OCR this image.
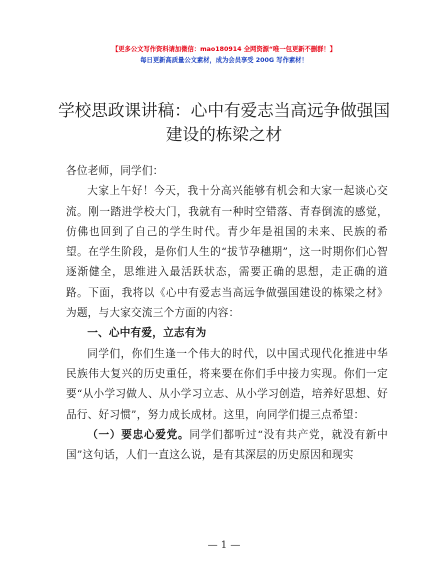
【更多公文写作资料请加微信：mao180914 全网资源“唯一包更新不删群！】
每日更新高质量公文素材，成为会员享受 200G 写作素材！
学校思政课讲稿：心中有爱志当高远争做强国
建设的栋梁之材

各位老师，同学们：

大家上午好！今天，我十分高兴能够有机会和大家一起谈心交流。刚一踏进学校大门，我就有一种时空错落、青春倒流的感觉，仿佛也回到了自己的学生时代。青少年是祖国的未来、民族的希望。在学生阶段，是你们人生的“拔节孕穗期”，这一时期你们心智逐渐健全，思维进入最活跃状态，需要正确的思想，走正确的道路。下面，我将以《心中有爱志当高远争做强国建设的栋梁之材》为题，与大家交流三个方面的内容：

一、心中有爱，立志有为

同学们，你们生逢一个伟大的时代，以中国式现代化推进中华民族伟大复兴的历史重任，将来要在你们手中接力实现。你们一定要“从小学习做人、从小学习立志、从小学习创造，培养好思想、好品行、好习惯”，努力成长成材。这里，向同学们提三点希望：

（一）要忠心爱党。同学们都听过“没有共产党，就没有新中国”这句话，人们一直这么说，是有其深层的历史原因和现实

— 1 —
